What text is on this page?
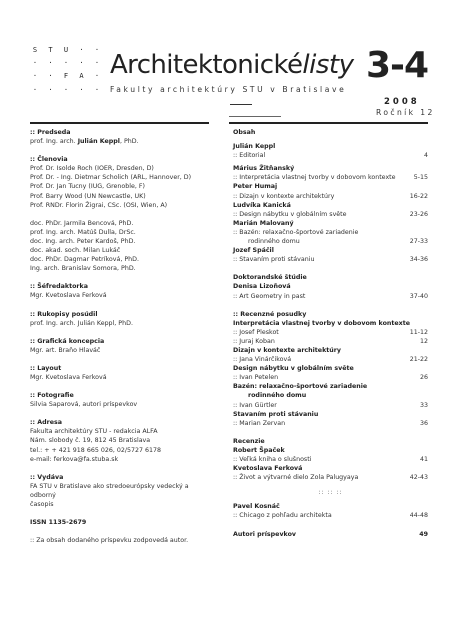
S	T	U	·	·
·	·	·	·	·
·	·	F	A	·
·	·	·	·	·
Architektonickélisty 3-4
Fakulty architektúry STU v Bratislave
2008
Ročník 12
:: Predseda
prof. Ing. arch. Julián Keppl, PhD.
:: Členovia
Prof. Dr. Isolde Roch (IOER, Dresden, D)
Prof. Dr. - Ing. Dietmar Scholich (ARL, Hannover, D)
Prof. Dr. Jan Tucny (IUG, Grenoble, F)
Prof. Barry Wood (UN Newcastle, UK)
Prof. RNDr. Florin Žigrai, CSc. (OSI, Wien, A)
doc. PhDr. Jarmila Bencová, PhD.
prof. Ing. arch. Matúš Dulla, DrSc.
doc. Ing. arch. Peter Kardoš, PhD.
doc. akad. soch. Milan Lukáč
doc. PhDr. Dagmar Petríková, PhD.
Ing. arch. Branislav Somora, PhD.
:: Šéfredaktorka
Mgr. Kvetoslava Ferková
:: Rukopisy posúdil
prof. Ing. arch. Julián Keppl, PhD.
:: Grafická koncepcia
Mgr. art. Braňo Hlaváč
:: Layout
Mgr. Kvetoslava Ferková
:: Fotografie
Silvia Saparová, autori príspevkov
:: Adresa
Fakulta architektúry STU - redakcia ALFA
Nám. slobody č. 19, 812 45 Bratislava
tel.: + + 421 918 665 026, 02/5727 6178
e-mail: ferkova@fa.stuba.sk
:: Vydáva
FA STU v Bratislave ako stredoeurópsky vedecký a odborný
časopis
ISSN 1135-2679
:: Za obsah dodaného príspevku zodpovedá autor.
Obsah
Julián Keppl
:: Editorial	4
Márius Žitňanský
:: Interpretácia vlastnej tvorby v dobovom kontexte	5-15
Peter Humaj
:: Dizajn v kontexte architektúry	16-22
Ludvíka Kanická
:: Design nábytku v globálním světe	23-26
Marián Malovaný
:: Bazén: relaxačno-športové zariadenie
rodinného domu	27-33
Jozef Spáčil
:: Stavaním proti stávaniu	34-36
Doktorandské štúdie
Denisa Lizoňová
:: Art Geometry in past	37-40
:: Recenzné posudky
Interpretácia vlastnej tvorby v dobovom kontexte
:: Josef Pleskot	11-12
:: Juraj Koban	12
Dizajn v kontexte architektúry
:: Jana Vinárčiková	21-22
Design nábytku v globálním světe
:: Ivan Petelen	26
Bazén: relaxačno-športové zariadenie
rodinného domu
:: Ivan Gürtler	33
Stavaním proti stávaniu
:: Marian Zervan	36
Recenzie
Robert Špaček
:: Veľká kniha o slušnosti	41
Kvetoslava Ferková
:: Život a výtvarné dielo Zola Palugyaya	42-43
:: :: ::
Pavel Kosnáč
:: Chicago z pohľadu architekta	44-48
Autori príspevkov	49
